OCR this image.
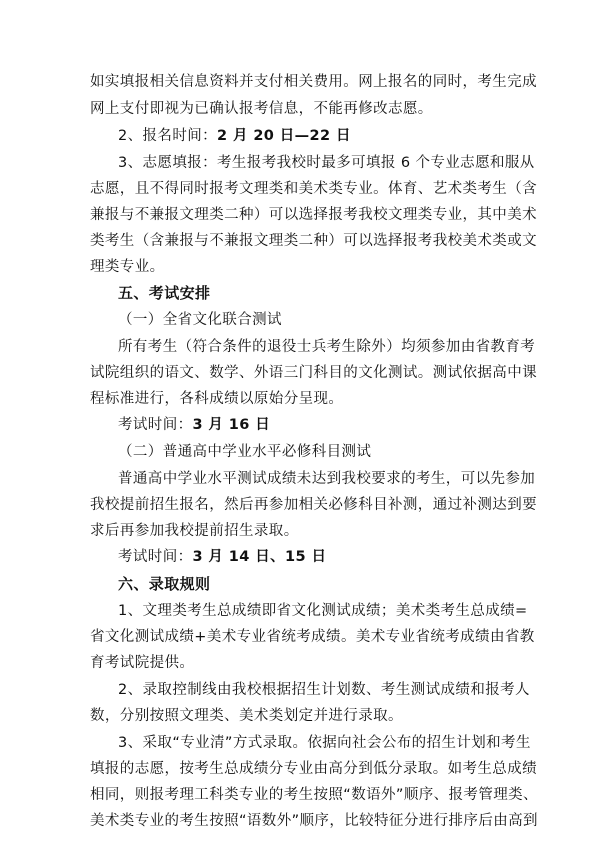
如实填报相关信息资料并支付相关费用。网上报名的同时，考生完成
网上支付即视为已确认报考信息，不能再修改志愿。
2、报名时间：2 月 20 日—22 日
3、志愿填报：考生报考我校时最多可填报 6 个专业志愿和服从
志愿，且不得同时报考文理类和美术类专业。体育、艺术类考生（含
兼报与不兼报文理类二种）可以选择报考我校文理类专业，其中美术
类考生（含兼报与不兼报文理类二种）可以选择报考我校美术类或文
理类专业。
五、考试安排
（一）全省文化联合测试
所有考生（符合条件的退役士兵考生除外）均须参加由省教育考
试院组织的语文、数学、外语三门科目的文化测试。测试依据高中课
程标准进行，各科成绩以原始分呈现。
考试时间：3 月 16 日
（二）普通高中学业水平必修科目测试
普通高中学业水平测试成绩未达到我校要求的考生，可以先参加
我校提前招生报名，然后再参加相关必修科目补测，通过补测达到要
求后再参加我校提前招生录取。
考试时间：3 月 14 日、15 日
六、录取规则
1、文理类考生总成绩即省文化测试成绩；美术类考生总成绩=
省文化测试成绩+美术专业省统考成绩。美术专业省统考成绩由省教
育考试院提供。
2、录取控制线由我校根据招生计划数、考生测试成绩和报考人
数，分别按照文理类、美术类划定并进行录取。
3、采取“专业清”方式录取。依据向社会公布的招生计划和考生
填报的志愿，按考生总成绩分专业由高分到低分录取。如考生总成绩
相同，则报考理工科类专业的考生按照“数语外”顺序、报考管理类、
美术类专业的考生按照“语数外”顺序，比较特征分进行排序后由高到
